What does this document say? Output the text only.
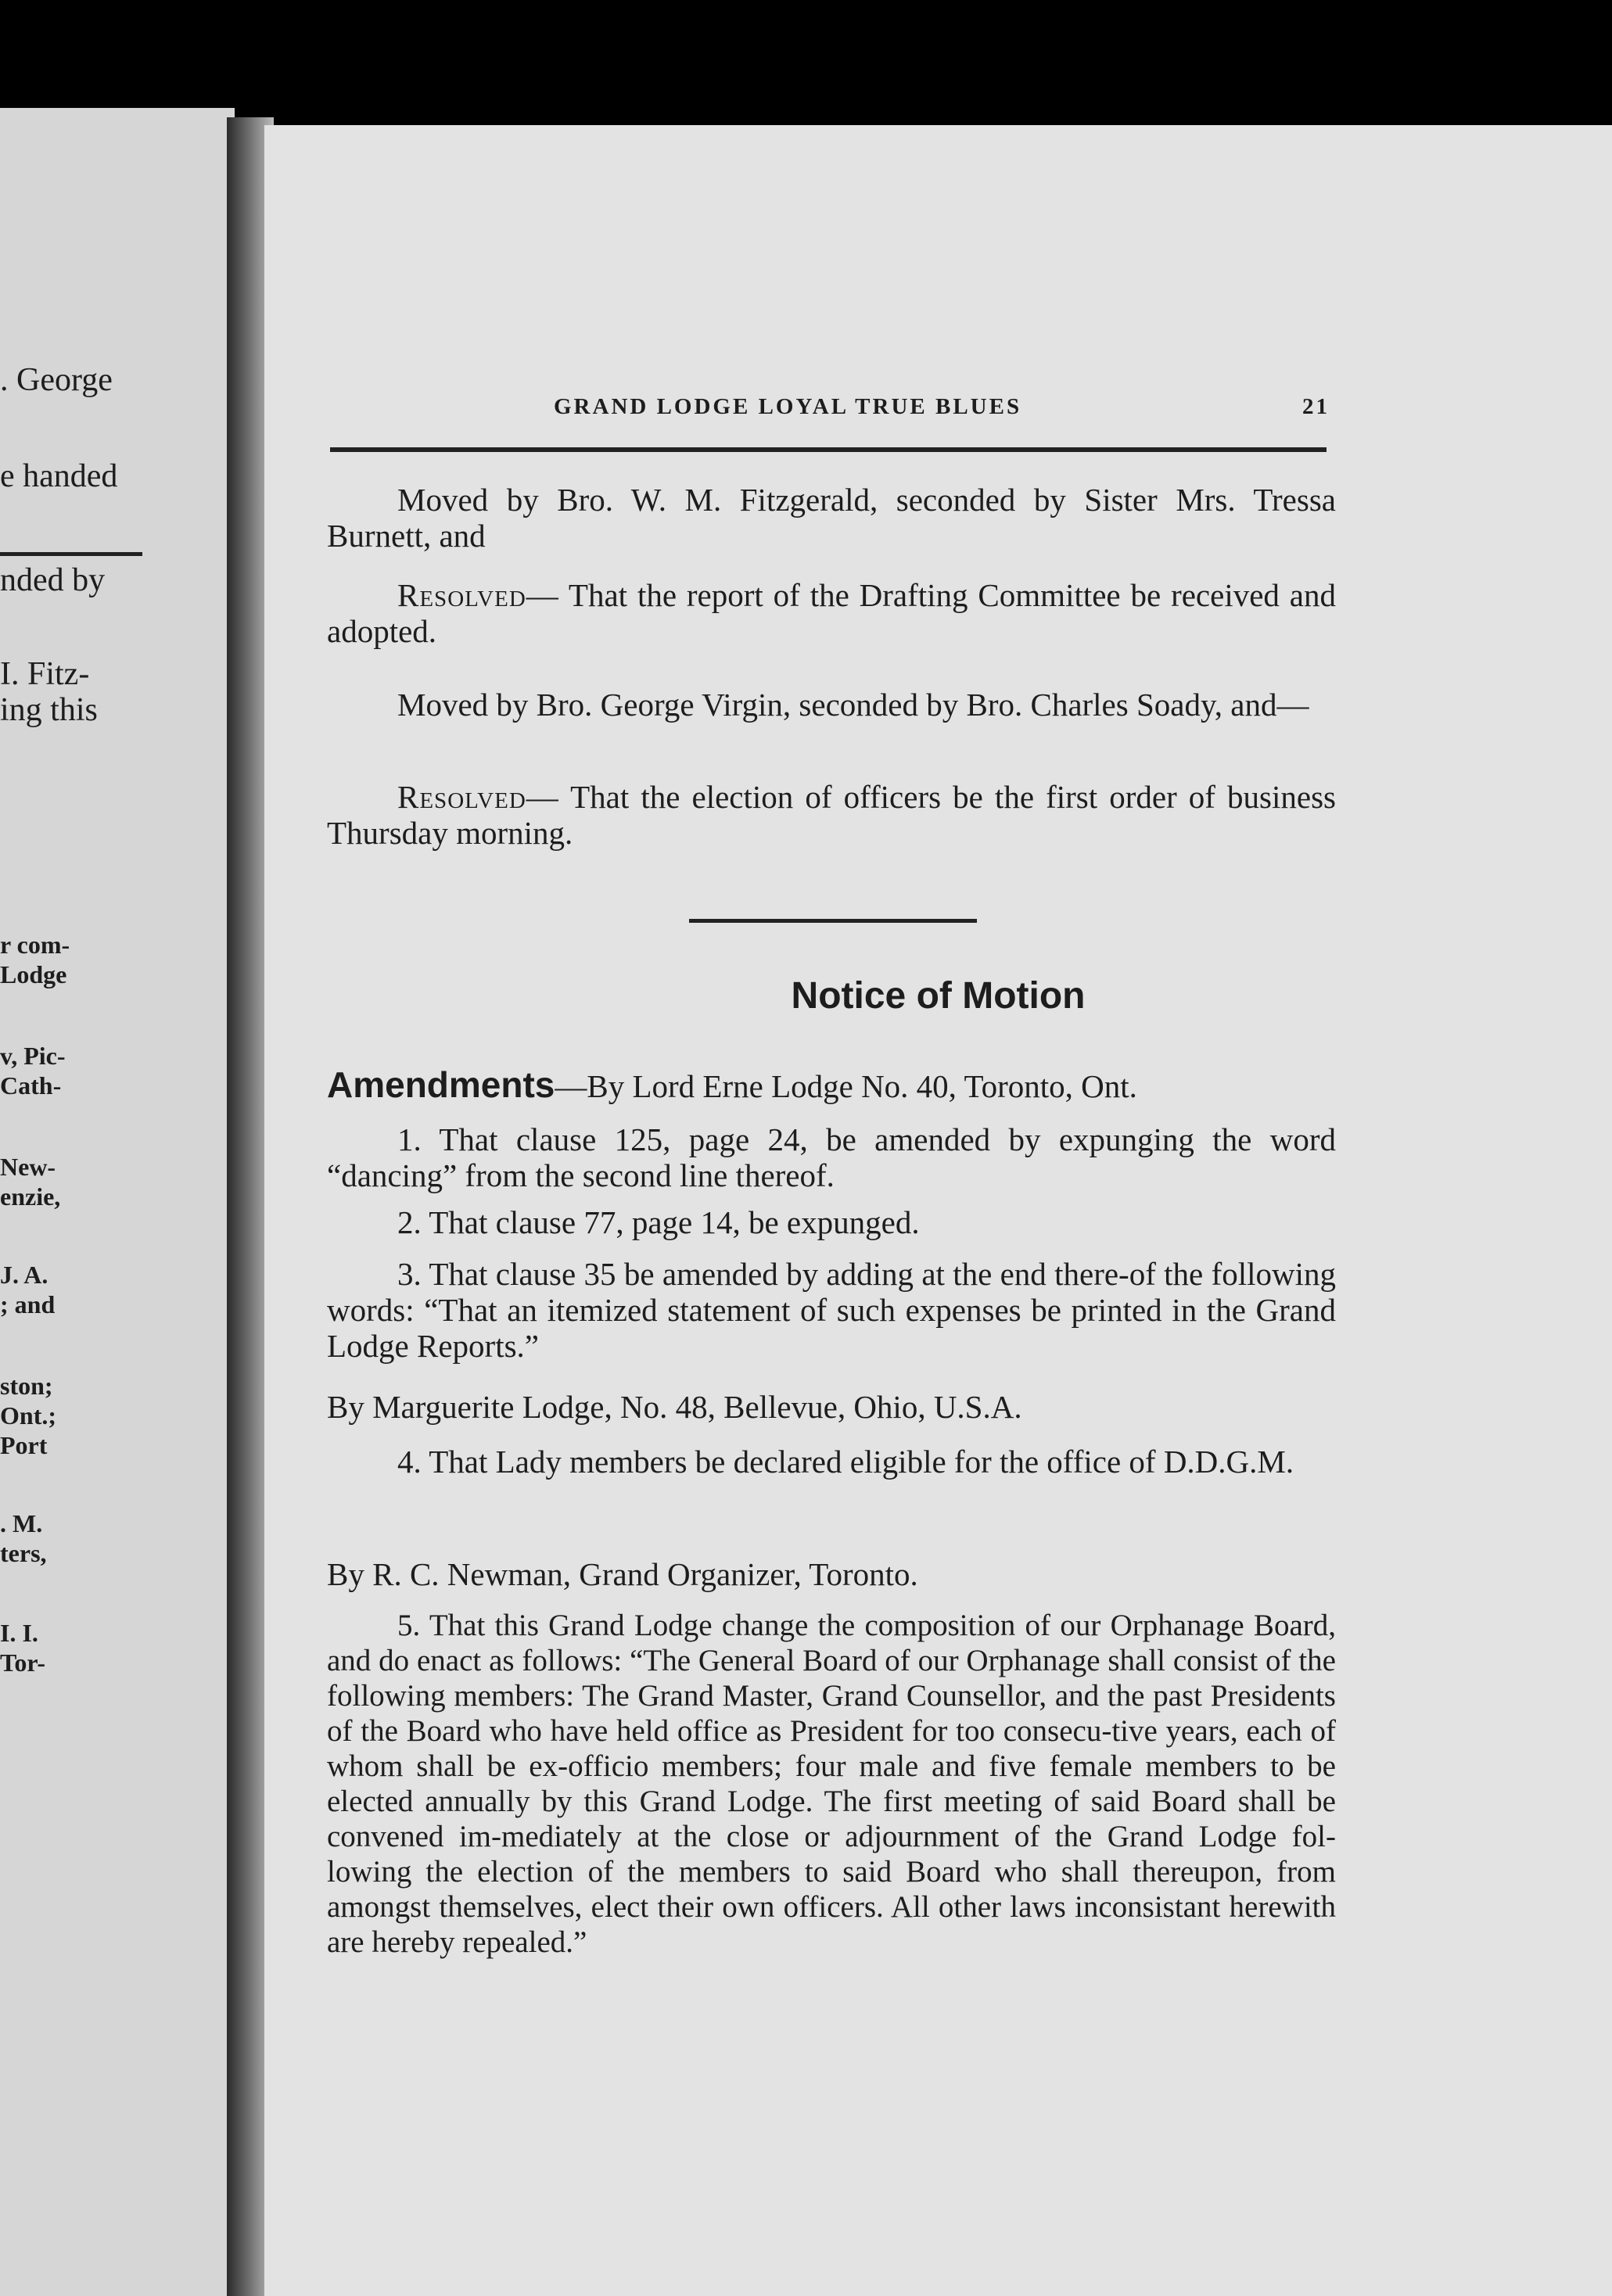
. George
e handed
nded by
I. Fitz-
ing this
r com-
Lodge
v, Pic-
Cath-
New-
enzie,
J. A.
; and
ston;
Ont.;
Port
. M.
ters,
I. I.
Tor-
GRAND LODGE LOYAL TRUE BLUES	21
Moved by Bro. W. M. Fitzgerald, seconded by Sister Mrs. Tressa Burnett, and
Resolved— That the report of the Drafting Committee be received and adopted.
Moved by Bro. George Virgin, seconded by Bro. Charles Soady, and—
Resolved— That the election of officers be the first order of business Thursday morning.
Notice of Motion
Amendments—By Lord Erne Lodge No. 40, Toronto, Ont.
1. That clause 125, page 24, be amended by expunging the word “dancing” from the second line thereof.
2. That clause 77, page 14, be expunged.
3. That clause 35 be amended by adding at the end there-of the following words: “That an itemized statement of such expenses be printed in the Grand Lodge Reports.”
By Marguerite Lodge, No. 48, Bellevue, Ohio, U.S.A.
4. That Lady members be declared eligible for the office of D.D.G.M.
By R. C. Newman, Grand Organizer, Toronto.
5. That this Grand Lodge change the composition of our Orphanage Board, and do enact as follows: “The General Board of our Orphanage shall consist of the following members: The Grand Master, Grand Counsellor, and the past Presidents of the Board who have held office as President for too consecu-tive years, each of whom shall be ex-officio members; four male and five female members to be elected annually by this Grand Lodge. The first meeting of said Board shall be convened im-mediately at the close or adjournment of the Grand Lodge fol-lowing the election of the members to said Board who shall thereupon, from amongst themselves, elect their own officers. All other laws inconsistant herewith are hereby repealed.”
